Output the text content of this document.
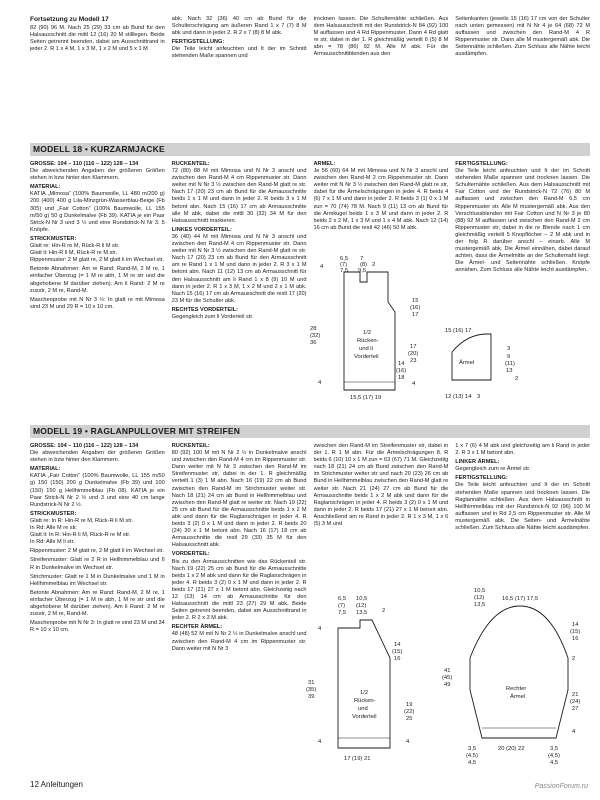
Fortsetzung zu Modell 17

82 (90) 96 M. Nach 25 (29) 33 cm ab Bund für den Halsausschnitt die mittl 12 (16) 20 M stilllegen. Beide Seiten getrennt beenden, dabei am Ausschnittrand in jeder 2. R 1 x 4 M, 1 x 3 M, 1 x 2 M und 5 x 1 M

abk. Nach 32 (36) 40 cm ab Bund für die Schulterschrägung am äußeren Rand 1 x 7 (7) 8 M abk und dann in jeder 2. R 2 x 7 (8) 8 M abk.

FERTIGSTELLUNG:

Die Teile leicht anfeuchten und lt der im Schnitt stehenden Maße spannen und

trocknen lassen. Die Schulternähte schließen. Aus dem Halsausschnitt mit der Rundstrick-N 84 (92) 100 M auffassen und 4 Rd Rippenmuster. Dann 4 Rd glatt re str, dabei in der 1. R gleichmäßig verteilt 6 (5) 8 M abn = 78 (86) 92 M. Alle M abk. Für die Armausschnittblenden aus den

Seitenkanten (jeweils 15 (16) 17 cm von der Schulter nach unten gemessen) mit N Nr 4 je 64 (68) 72 M auffassen und zwischen den Rand-M 4 R Rippenmuster str. Dann alle M mustergemäß abk. Die Seitennähte schließen. Zum Schluss alle Nähte leicht ausdämpfen.

MODELL 18 • KURZARMJACKE
GRÖSSE: 104 – 110 (116 – 122) 128 – 134

Die abweichenden Angaben der größeren Größen stehen in bzw hinter den Klammern.

MATERIAL:

KATIA „Mimosa“ (100% Baumwolle, LL 480 m/200 g) 200 (400) 400 g Lila-Minzgrün-Wasserblau-Beige (Fb 305) und „Fair Cotton“ (100% Baumwolle, LL 155 m/50 g) 50 g Dunkelmalve (Fb 39). KATIA je ein Paar Strick-N Nr 3 und 3 ½ und eine Rundstrick-N Nr 3. 5 Knöpfe.

STRICKMUSTER:

Glatt re: Hin-R re M, Rück-R li M str.

Glatt li: Hin-R li M, Rück-R re M str.

Rippenmuster: 2 M glatt re, 2 M glatt li im Wechsel str.

Betonte Abnahmen: Am re Rand: Rand-M, 2 M re, 1 einfacher Überzug (= 1 M re abh, 1 M re str und die abgehobene M darüber ziehen). Am li Rand: 2 M re zusstr, 2 M re, Rand-M.

Maschenprobe mit N Nr 3 ½: In glatt re mit Mimosa sind 23 M und 29 R = 10 x 10 cm.

RÜCKENTEIL:

72 (80) 88 M mit Mimosa und N Nr 3 anschl und zwischen den Rand-M 4 cm Rippenmuster str. Dann weiter mit N Nr 3 ½ zwischen den Rand-M glatt re str. Nach 17 (20) 23 cm ab Bund für die Armausschnitte beids 1 x 1 M und dann in jeder 2. R beids 3 x 1 M betont abn. Nach 15 (16) 17 cm ab Armausschnitte alle M abk, dabei die mittl 30 (32) 34 M für den Halsausschnitt markieren.

LINKES VORDERTEIL:

36 (40) 44 M mit Mimosa und N Nr 3 anschl und zwischen den Rand-M 4 cm Rippenmuster str. Dann weiter mit N Nr 3 ½ zwischen den Rand-M glatt re str. Nach 17 (20) 23 cm ab Bund für den Armausschnitt am re Rand 1 x 1 M und dann in jeder 2. R 3 x 1 M betont abn. Nach 11 (12) 13 cm ab Armausschnitt für den Halsausschnitt am li Rand 1 x 8 (9) 10 M und dann in jeder 2. R 1 x 3 M, 1 x 2 M und 2 x 1 M abk. Nach 15 (16) 17 cm ab Armausschnitt die restl 17 (20) 23 M für die Schulter abk.

RECHTES VORDERTEIL:

Gegengleich zum li Vorderteil str.

ÄRMEL:

Je 56 (60) 64 M mit Mimosa und N Nr 3 anschl und zwischen den Rand-M 2 cm Rippenmuster str. Dann weiter mit N Nr 3 ½ zwischen den Rand-M glatt re str, dabei für die Ärmelschrägungen in jeder 4. R beids 4 (6) 7 x 1 M und dann in jeder 2. R beids 3 (1) 0 x 1 M zun = 70 (74) 78 M. Nach 9 (11) 13 cm ab Bund für die Armkugel beids 1 x 3 M und dann in jeder 2. R beids 2 x 2 M, 1 x 3 M und 1 x 4 M abk. Nach 12 (14) 16 cm ab Bund die restl 42 (46) 50 M abk.

FERTIGSTELLUNG:

Die Teile leicht anfeuchten und lt der im Schnitt stehenden Maße spannen und trocknen lassen. Die Schulternähte schließen. Aus dem Halsausschnitt mit Fair Cotton und der Rundstrick-N 72 (76) 80 M auffassen und zwischen den Rand-M 6,5 cm Rippenmuster str. Alle M mustergemäß abk. Aus den Verschlussblenden mit Fair Cotton und N Nr 3 je 80 (88) 92 M auffassen und zwischen den Rand-M 2 cm Rippenmuster str, dabei in die re Blende nach 1 cm gleichmäßig verteilt 5 Knopflöcher – 2 M abk und in der folg R darüber anschl – einarb. Alle M mustergemäß abk. Die Ärmel einnähen, dabei darauf achten, dass die Ärmelmitte an der Schulternaht liegt. Die Ärmel- und Seitennähte schließen. Knöpfe annähen. Zum Schluss alle Nähte leicht ausdämpfen.

6,5
(7)
7,5
7
(8)
9,5
2
4
28
(32)
36
4
1/2
Rücken-
und li
Vorderteil
15
(16)
17
17
(20)
23
14
(16)
18
4
15,5 (17) 19
15 (16) 17
Ärmel
3
9
(11)
13
2
12 (13) 14 3
MODELL 19 • RAGLANPULLOVER MIT STREIFEN
GRÖSSE: 104 – 110 (116 – 122) 128 – 134

Die abweichenden Angaben der größeren Größen stehen in bzw hinter den Klammern.

MATERIAL:

KATIA „Fair Cotton“ (100% Baumwolle, LL 155 m/50 g) 150 (150) 200 g Dunkelmalve (Fb 39) und 100 (150) 150 g Hellhimmelblau (Fb 08). KATIA je ein Paar Strick-N Nr 2 ½ und 3 und eine 40 cm lange Rundstrick-N Nr 2 ½.

STRICKMUSTER:

Glatt re: In R: Hin-R re M, Rück-R li M str.

In Rd: Alle M re str.

Glatt li: In R: Hin-R li M, Rück-R re M str.

In Rd: Alle M li str.

Rippenmuster: 2 M glatt re, 2 M glatt li im Wechsel str.

Streifenmuster: Glatt re 2 R in Hellhimmelblau und 6 R in Dunkelmalve im Wechsel str.

Strichmuster: Glatt re 1 M in Dunkelmalve und 1 M in Hellhimmelblau im Wechsel str.

Betonte Abnahmen: Am re Rand: Rand-M, 2 M re, 1 einfacher Überzug (= 1 M re abh, 1 M re str und die abgehobene M darüber ziehen). Am li Rand: 2 M re zusstr, 2 M re, Rand-M.

Maschenprobe mit N Nr 3: In glatt re sind 23 M und 34 R = 10 x 10 cm.

RÜCKENTEIL:

80 (92) 100 M mit N Nr 2 ½ in Dunkelmalve anschl und zwischen den Rand-M 4 cm im Rippenmuster str. Dann weiter mit N Nr 3 zwischen den Rand-M im Streifenmuster str, dabei in der 1. R gleichmäßig verteilt 1 (3) 1 M abn. Nach 16 (19) 22 cm ab Bund zwischen den Rand-M im Strichmuster weiter str. Nach 18 (21) 24 cm ab Bund in Hellhimmelblau und zwischen den Rand-M glatt re weiter str. Nach 19 (22) 25 cm ab Bund für die Armausschnitte beids 1 x 2 M abk und dann für die Raglanschrägen in jeder 4. R beids 3 (2) 0 x 1 M und dann in jeder 2. R beids 20 (24) 30 x 1 M betont abn. Nach 16 (17) 18 cm ab Armausschnitte die restl 29 (33) 35 M für den Halsausschnitt abk.

VORDERTEIL:

Bis zu den Armausschnitten wie das Rückenteil str. Nach 19 (22) 25 cm ab Bund für die Armausschnitte beids 1 x 2 M abk und dann für die Raglanschrägen in jeder 4. R beids 3 (2) 0 x 1 M und dann in jeder 2. R beids 17 (21) 27 x 1 M betont abn. Gleichzeitig nach 12 (13) 14 cm ab Armausschnitte für den Halsausschnitt die mittl 23 (27) 29 M abk. Beide Seiten getrennt beenden, dabei am Ausschnittrand in jeder 2. R 2 x 3 M abk.

RECHTER ÄRMEL:

48 (48) 52 M mit N Nr 2 ½ in Dunkelmalve anschl und zwischen den Rand-M 4 cm im Rippenmuster str. Dann weiter mit N Nr 3

zwischen den Rand-M im Streifenmuster str, dabei in der 1. R 1 M abn. Für die Ärmelschrägungen 8. R beids 6 (10) 10 x 1 M zun = 63 (67) 71 M. Gleichzeitig nach 18 (21) 24 cm ab Bund zwischen den Rand-M im Strichmuster weiter str und nach 20 (23) 26 cm ab Bund in Hellhimmelblau zwischen den Rand-M glatt re weiter str. Nach 21 (24) 27 cm ab Bund für die Armausschnitte beids 1 x 2 M abk und dann für die Raglanschrägen in jeder 4. R beids 3 (2) 0 x 1 M und dann in jeder 2. R beids 17 (21) 27 x 1 M betont abn. Anschließend am re Rand in jeder 2. R 1 x 3 M, 1 x 6 (5) 3 M und

1 x 7 (6) 4 M abk und gleichzeitig am li Rand in jeder 2. R 3 x 1 M betont abn.

LINKER ÄRMEL:

Gegengleich zum re Ärmel str.

FERTIGSTELLUNG:

Die Teile leicht anfeuchten und lt der im Schnitt stehenden Maße spannen und trocknen lassen. Die Raglannähte schließen. Aus dem Halsausschnitt in Hellhimmelblau mit der Rundstrick-N 92 (96) 100 M auffassen und in Rd 2,5 cm Rippenmuster str. Alle M mustergemäß abk. Die Seiten- und Ärmelnähte schließen. Zum Schluss alle Nähte leicht ausdämpfen.

6,5
(7)
7,5
10,5
(12)
13,5	2
4
31
(35)
39
4
1/2
Rücken-
und
Vorderteil
14
(15)
16
19
(22)
25
4
17 (19) 21
10,5
(12)
13,5
16,5 (17) 17,5
41
(45)
49
14
(15)
16
2
21
(24)
27
4
Rechter
Ärmel
3,5
(4,5)
4,5
20 (20) 22	3,5
(4,5)
4,5
12 Anleitungen	PassionForum.ru
